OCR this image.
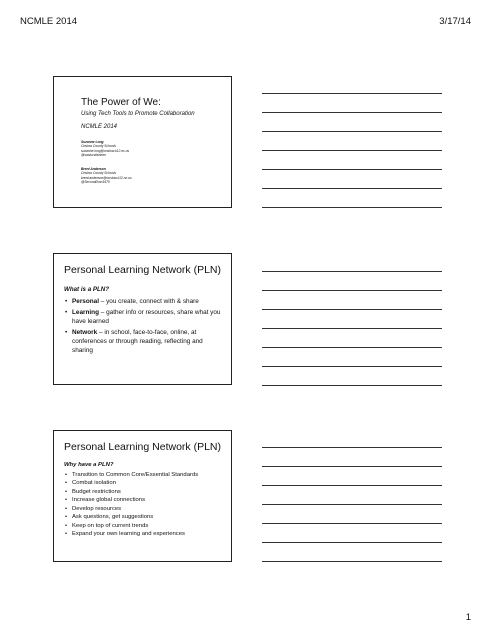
NCMLE 2014	3/17/14
The Power of We:
Using Tech Tools to Promote Collaboration
NCMLE 2014
Suzanne Long
Onslow County Schools
suzanne.long@onslow.k12.nc.us
@sasluvsfanimm
Brent Anderson
Onslow County Schools
brent.anderson@onslow.k12.nc.us
@SecondDmn1670
Personal Learning Network (PLN)
What is a PLN?
• Personal – you create, connect with & share
• Learning – gather info or resources, share what you have learned
• Network – in school, face-to-face, online, at conferences or through reading, reflecting and sharing
Personal Learning Network (PLN)
Why have a PLN?
• Transition to Common Core/Essential Standards
• Combat isolation
• Budget restrictions
• Increase global connections
• Develop resources
• Ask questions, get suggestions
• Keep on top of current trends
• Expand your own learning and experiences
1
